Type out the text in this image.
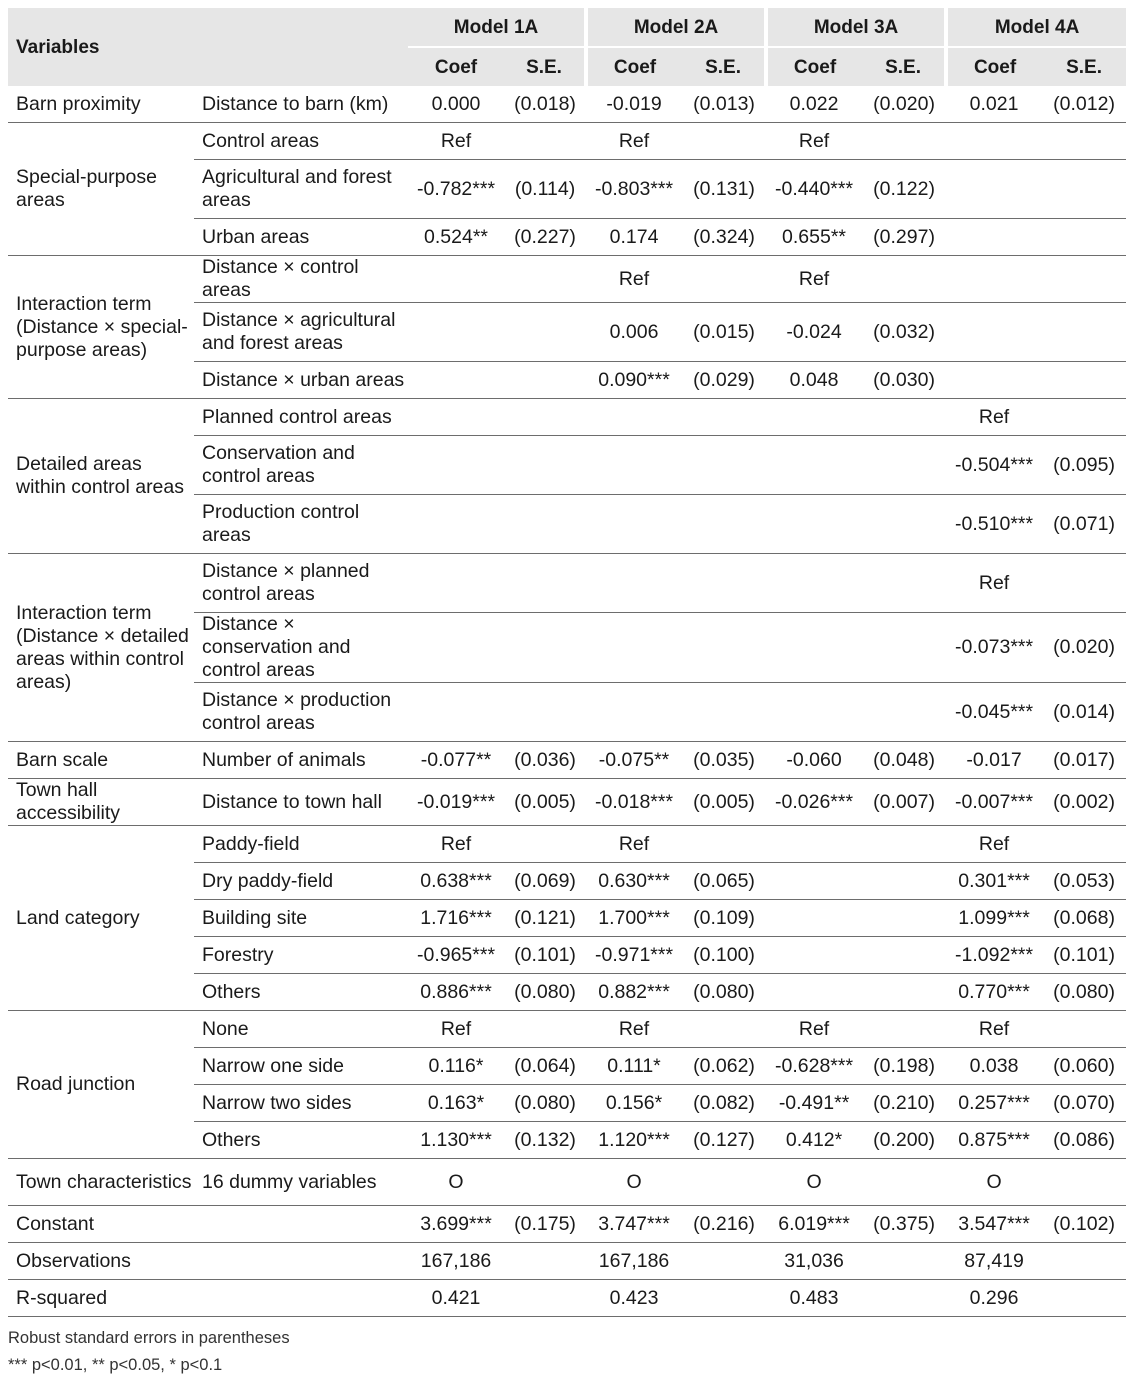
Variables		Model 1A		Model 2A		Model 3A		Model 4A	
		Coef	S.E.	Coef	S.E.	Coef	S.E.	Coef	S.E.
Barn proximity	Distance to barn (km)	0.000	(0.018)	-0.019	(0.013)	0.022	(0.020)	0.021	(0.012)
Special-purpose areas	Control areas	Ref		Ref		Ref			
	Agricultural and forest areas	-0.782***	(0.114)	-0.803***	(0.131)	-0.440***	(0.122)		
	Urban areas	0.524**	(0.227)	0.174	(0.324)	0.655**	(0.297)		
Interaction term (Distance × special-purpose areas)	Distance × control areas			Ref		Ref			
	Distance × agricultural and forest areas			0.006	(0.015)	-0.024	(0.032)		
	Distance × urban areas			0.090***	(0.029)	0.048	(0.030)		
Detailed areas within control areas	Planned control areas							Ref	
	Conservation and control areas							-0.504***	(0.095)
	Production control areas							-0.510***	(0.071)
Interaction term (Distance × detailed areas within control areas)	Distance × planned control areas							Ref	
	Distance × conservation and control areas							-0.073***	(0.020)
	Distance × production control areas							-0.045***	(0.014)
Barn scale	Number of animals	-0.077**	(0.036)	-0.075**	(0.035)	-0.060	(0.048)	-0.017	(0.017)
Town hall accessibility	Distance to town hall	-0.019***	(0.005)	-0.018***	(0.005)	-0.026***	(0.007)	-0.007***	(0.002)
Land category	Paddy-field	Ref		Ref				Ref	
	Dry paddy-field	0.638***	(0.069)	0.630***	(0.065)			0.301***	(0.053)
	Building site	1.716***	(0.121)	1.700***	(0.109)			1.099***	(0.068)
	Forestry	-0.965***	(0.101)	-0.971***	(0.100)			-1.092***	(0.101)
	Others	0.886***	(0.080)	0.882***	(0.080)			0.770***	(0.080)
Road junction	None	Ref		Ref		Ref		Ref	
	Narrow one side	0.116*	(0.064)	0.111*	(0.062)	-0.628***	(0.198)	0.038	(0.060)
	Narrow two sides	0.163*	(0.080)	0.156*	(0.082)	-0.491**	(0.210)	0.257***	(0.070)
	Others	1.130***	(0.132)	1.120***	(0.127)	0.412*	(0.200)	0.875***	(0.086)
Town characteristics	16 dummy variables	O		O		O		O	
Constant		3.699***	(0.175)	3.747***	(0.216)	6.019***	(0.375)	3.547***	(0.102)
Observations		167,186		167,186		31,036		87,419	
R-squared		0.421		0.423		0.483		0.296	
Robust standard errors in parentheses
*** p<0.01, ** p<0.05, * p<0.1
